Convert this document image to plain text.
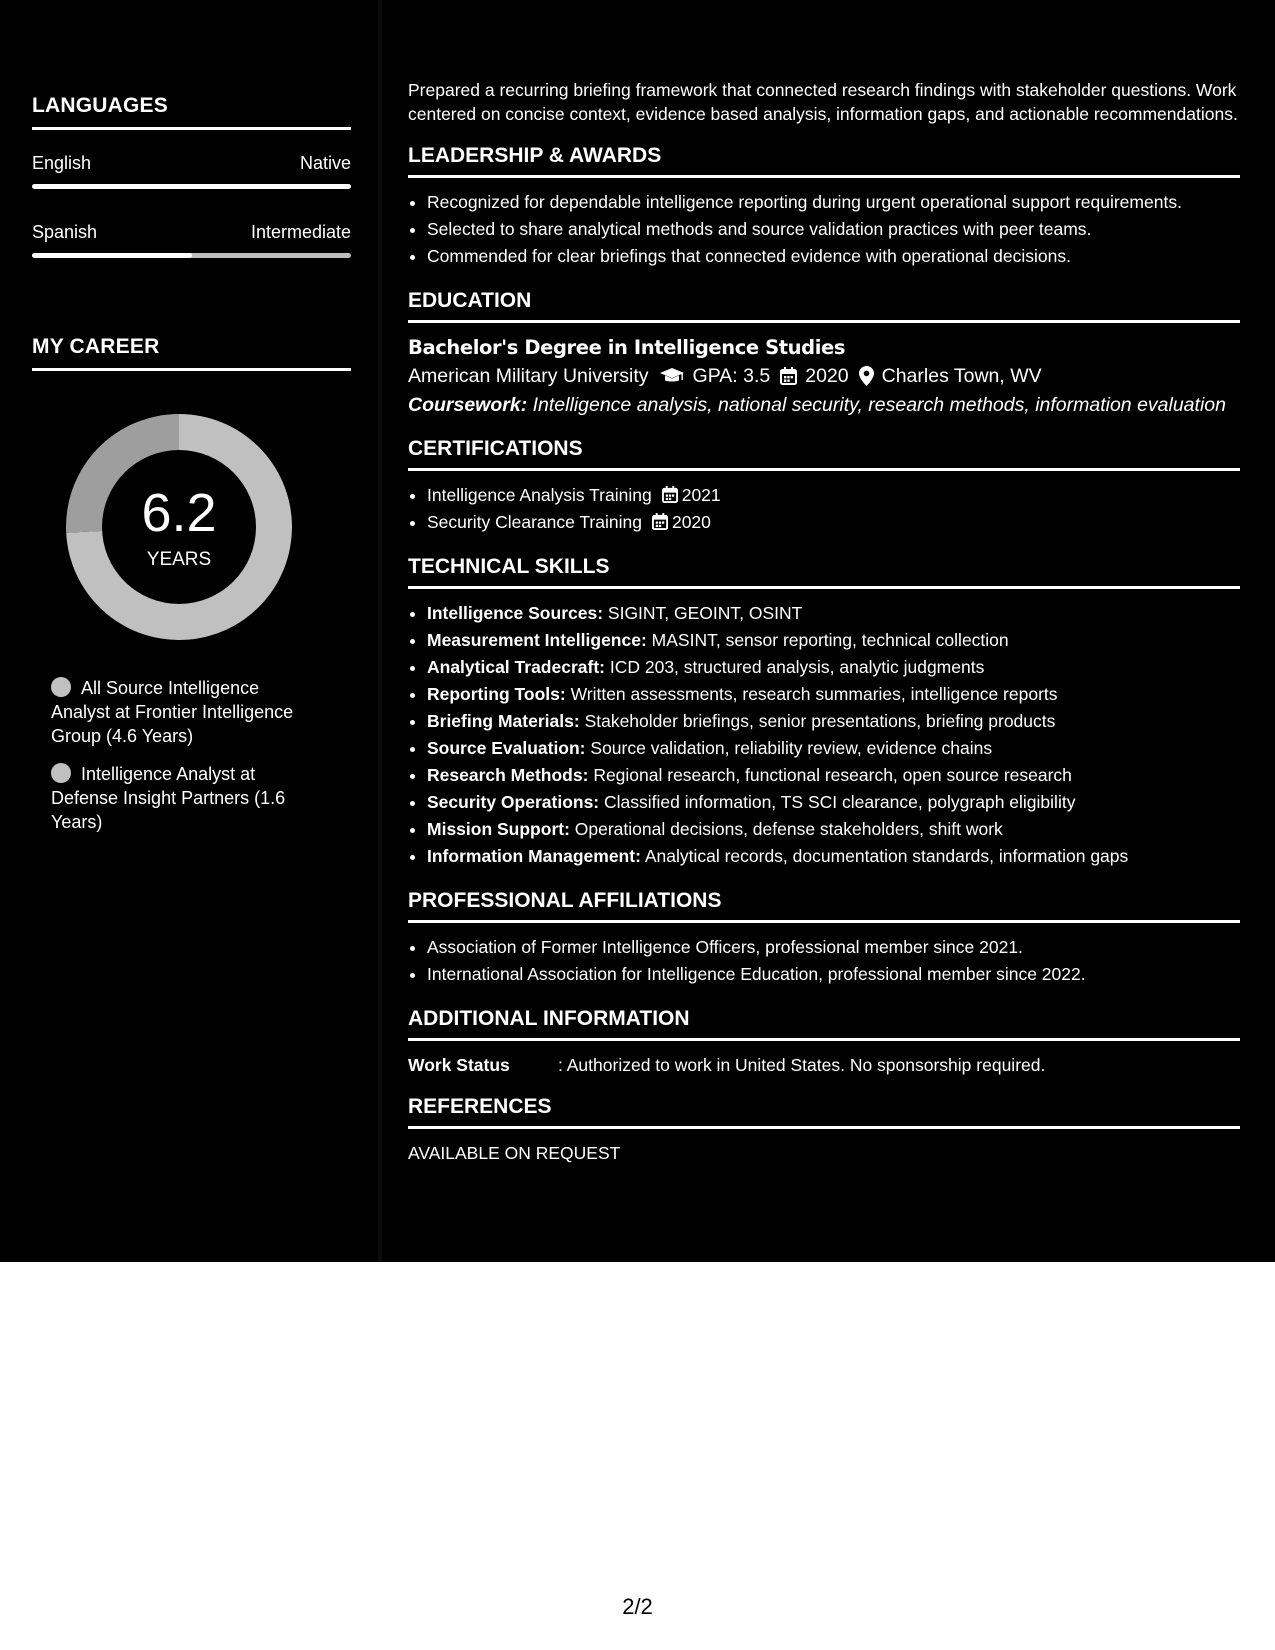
LANGUAGES
English	Native
Spanish	Intermediate
MY CAREER
6.2
YEARS
All Source Intelligence Analyst at Frontier Intelligence Group (4.6 Years)
Intelligence Analyst at Defense Insight Partners (1.6 Years)

Prepared a recurring briefing framework that connected research findings with stakeholder questions. Work centered on concise context, evidence based analysis, information gaps, and actionable recommendations.

LEADERSHIP & AWARDS
• Recognized for dependable intelligence reporting during urgent operational support requirements.
• Selected to share analytical methods and source validation practices with peer teams.
• Commended for clear briefings that connected evidence with operational decisions.
EDUCATION
Bachelor's Degree in Intelligence Studies
American Military University GPA: 3.5 2020 Charles Town, WV
Coursework: Intelligence analysis, national security, research methods, information evaluation
CERTIFICATIONS
• Intelligence Analysis Training 2021
• Security Clearance Training 2020
TECHNICAL SKILLS
• Intelligence Sources: SIGINT, GEOINT, OSINT
• Measurement Intelligence: MASINT, sensor reporting, technical collection
• Analytical Tradecraft: ICD 203, structured analysis, analytic judgments
• Reporting Tools: Written assessments, research summaries, intelligence reports
• Briefing Materials: Stakeholder briefings, senior presentations, briefing products
• Source Evaluation: Source validation, reliability review, evidence chains
• Research Methods: Regional research, functional research, open source research
• Security Operations: Classified information, TS SCI clearance, polygraph eligibility
• Mission Support: Operational decisions, defense stakeholders, shift work
• Information Management: Analytical records, documentation standards, information gaps
PROFESSIONAL AFFILIATIONS
• Association of Former Intelligence Officers, professional member since 2021.
• International Association for Intelligence Education, professional member since 2022.
ADDITIONAL INFORMATION
Work Status	: Authorized to work in United States. No sponsorship required.
REFERENCES
AVAILABLE ON REQUEST
2/2
